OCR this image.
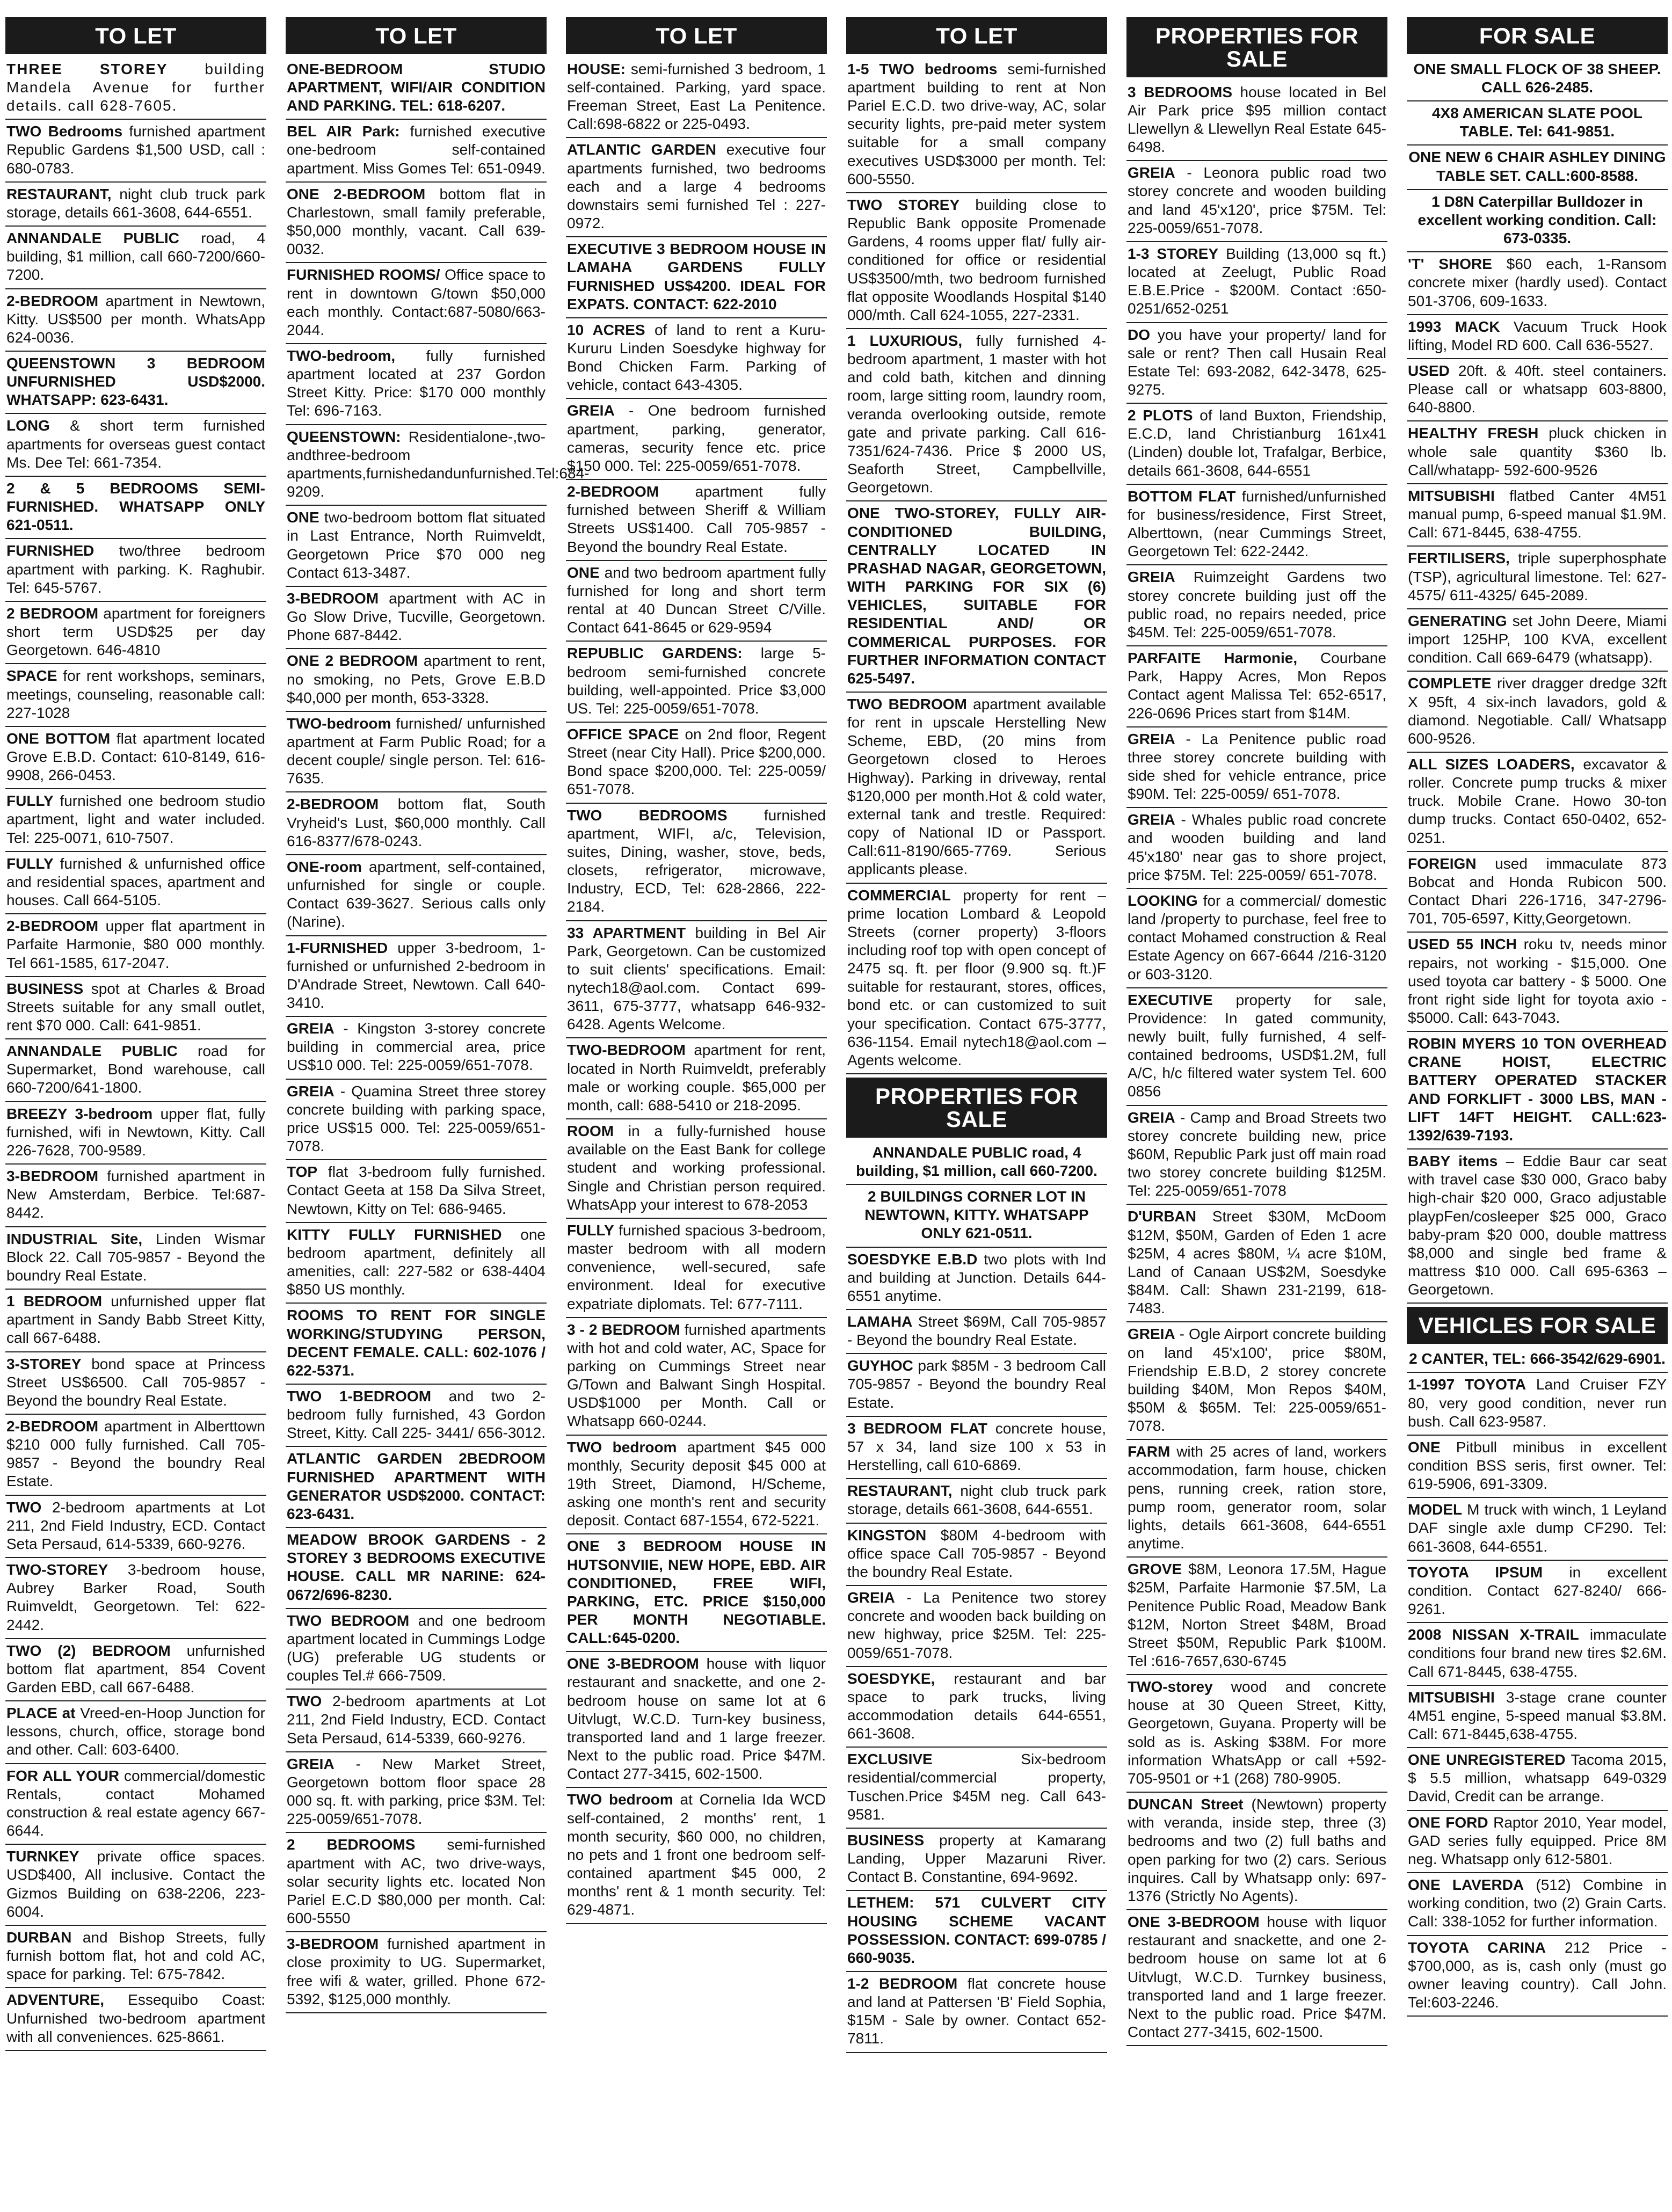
TO LET
THREE STOREY building Mandela Avenue for further details. call 628-7605.
TWO Bedrooms furnished apartment Republic Gardens $1,500 USD, call : 680-0783.
RESTAURANT, night club truck park storage, details 661-3608, 644-6551.
ANNANDALE PUBLIC road, 4 building, $1 million, call 660-7200/660-7200.
2-BEDROOM apartment in Newtown, Kitty. US$500 per month. WhatsApp 624-0036.
QUEENSTOWN 3 BEDROOM UNFURNISHED USD$2000. WHATSAPP: 623-6431.
LONG & short term furnished apartments for overseas guest contact Ms. Dee Tel: 661-7354.
2 & 5 BEDROOMS SEMI-FURNISHED. WHATSAPP ONLY 621-0511.
FURNISHED two/three bedroom apartment with parking. K. Raghubir. Tel: 645-5767.
2 BEDROOM apartment for foreigners short term USD$25 per day Georgetown. 646-4810
SPACE for rent workshops, seminars, meetings, counseling, reasonable call: 227-1028
ONE BOTTOM flat apartment located Grove E.B.D. Contact: 610-8149, 616-9908, 266-0453.
FULLY furnished one bedroom studio apartment, light and water included. Tel: 225-0071, 610-7507.
FULLY furnished & unfurnished office and residential spaces, apartment and houses. Call 664-5105.
2-BEDROOM upper flat apartment in Parfaite Harmonie, $80 000 monthly. Tel 661-1585, 617-2047.
BUSINESS spot at Charles & Broad Streets suitable for any small outlet, rent $70 000. Call: 641-9851.
ANNANDALE PUBLIC road for Supermarket, Bond warehouse, call 660-7200/641-1800.
BREEZY 3-bedroom upper flat, fully furnished, wifi in Newtown, Kitty. Call 226-7628, 700-9589.
3-BEDROOM furnished apartment in New Amsterdam, Berbice. Tel:687-8442.
INDUSTRIAL Site, Linden Wismar Block 22. Call 705-9857 - Beyond the boundry Real Estate.
1 BEDROOM unfurnished upper flat apartment in Sandy Babb Street Kitty, call 667-6488.
3-STOREY bond space at Princess Street US$6500. Call 705-9857 - Beyond the boundry Real Estate.
2-BEDROOM apartment in Alberttown $210 000 fully furnished. Call 705-9857 - Beyond the boundry Real Estate.
TWO 2-bedroom apartments at Lot 211, 2nd Field Industry, ECD. Contact Seta Persaud, 614-5339, 660-9276.
TWO-STOREY 3-bedroom house, Aubrey Barker Road, South Ruimveldt, Georgetown. Tel: 622-2442.
TWO (2) BEDROOM unfurnished bottom flat apartment, 854 Covent Garden EBD, call 667-6488.
PLACE at Vreed-en-Hoop Junction for lessons, church, office, storage bond and other. Call: 603-6400.
FOR ALL YOUR commercial/domestic Rentals, contact Mohamed construction & real estate agency 667-6644.
TURNKEY private office spaces. USD$400, All inclusive. Contact the Gizmos Building on 638-2206, 223-6004.
DURBAN and Bishop Streets, fully furnish bottom flat, hot and cold AC, space for parking. Tel: 675-7842.
ADVENTURE, Essequibo Coast: Unfurnished two-bedroom apartment with all conveniences. 625-8661.
TO LET
ONE-BEDROOM STUDIO APARTMENT, WIFI/AIR CONDITION AND PARKING. TEL: 618-6207.
BEL AIR Park: furnished executive one-bedroom self-contained apartment. Miss Gomes Tel: 651-0949.
ONE 2-BEDROOM bottom flat in Charlestown, small family preferable, $50,000 monthly, vacant. Call 639-0032.
FURNISHED ROOMS/ Office space to rent in downtown G/town $50,000 each monthly. Contact:687-5080/663-2044.
TWO-bedroom, fully furnished apartment located at 237 Gordon Street Kitty. Price: $170 000 monthly Tel: 696-7163.
QUEENSTOWN: Residentialone-,two-andthree-bedroom apartments,furnishedandunfurnished.Tel:684-9209.
ONE two-bedroom bottom flat situated in Last Entrance, North Ruimveldt, Georgetown Price $70 000 neg Contact 613-3487.
3-BEDROOM apartment with AC in Go Slow Drive, Tucville, Georgetown. Phone 687-8442.
ONE 2 BEDROOM apartment to rent, no smoking, no Pets, Grove E.B.D $40,000 per month, 653-3328.
TWO-bedroom furnished/ unfurnished apartment at Farm Public Road; for a decent couple/ single person. Tel: 616-7635.
2-BEDROOM bottom flat, South Vryheid's Lust, $60,000 monthly. Call 616-8377/678-0243.
ONE-room apartment, self-contained, unfurnished for single or couple. Contact 639-3627. Serious calls only (Narine).
1-FURNISHED upper 3-bedroom, 1-furnished or unfurnished 2-bedroom in D'Andrade Street, Newtown. Call 640-3410.
GREIA - Kingston 3-storey concrete building in commercial area, price US$10 000. Tel: 225-0059/651-7078.
GREIA - Quamina Street three storey concrete building with parking space, price US$15 000. Tel: 225-0059/651-7078.
TOP flat 3-bedroom fully furnished. Contact Geeta at 158 Da Silva Street, Newtown, Kitty on Tel: 686-9465.
KITTY FULLY FURNISHED one bedroom apartment, definitely all amenities, call: 227-582 or 638-4404 $850 US monthly.
ROOMS TO RENT FOR SINGLE WORKING/STUDYING PERSON, DECENT FEMALE. CALL: 602-1076 / 622-5371.
TWO 1-BEDROOM and two 2-bedroom fully furnished, 43 Gordon Street, Kitty. Call 225- 3441/ 656-3012.
ATLANTIC GARDEN 2BEDROOM FURNISHED APARTMENT WITH GENERATOR USD$2000. CONTACT: 623-6431.
MEADOW BROOK GARDENS - 2 STOREY 3 BEDROOMS EXECUTIVE HOUSE. CALL MR NARINE: 624-0672/696-8230.
TWO BEDROOM and one bedroom apartment located in Cummings Lodge (UG) preferable UG students or couples Tel.# 666-7509.
TWO 2-bedroom apartments at Lot 211, 2nd Field Industry, ECD. Contact Seta Persaud, 614-5339, 660-9276.
GREIA - New Market Street, Georgetown bottom floor space 28 000 sq. ft. with parking, price $3M. Tel: 225-0059/651-7078.
2 BEDROOMS semi-furnished apartment with AC, two drive-ways, solar security lights etc. located Non Pariel E.C.D $80,000 per month. Cal: 600-5550
3-BEDROOM furnished apartment in close proximity to UG. Supermarket, free wifi & water, grilled. Phone 672-5392, $125,000 monthly.
TO LET
HOUSE: semi-furnished 3 bedroom, 1 self-contained. Parking, yard space. Freeman Street, East La Penitence. Call:698-6822 or 225-0493.
ATLANTIC GARDEN executive four apartments furnished, two bedrooms each and a large 4 bedrooms downstairs semi furnished Tel : 227-0972.
EXECUTIVE 3 BEDROOM HOUSE IN LAMAHA GARDENS FULLY FURNISHED US$4200. IDEAL FOR EXPATS. CONTACT: 622-2010
10 ACRES of land to rent a Kuru-Kururu Linden Soesdyke highway for Bond Chicken Farm. Parking of vehicle, contact 643-4305.
GREIA - One bedroom furnished apartment, parking, generator, cameras, security fence etc. price $150 000. Tel: 225-0059/651-7078.
2-BEDROOM apartment fully furnished between Sheriff & William Streets US$1400. Call 705-9857 - Beyond the boundry Real Estate.
ONE and two bedroom apartment fully furnished for long and short term rental at 40 Duncan Street C/Ville. Contact 641-8645 or 629-9594
REPUBLIC GARDENS: large 5-bedroom semi-furnished concrete building, well-appointed. Price $3,000 US. Tel: 225-0059/651-7078.
OFFICE SPACE on 2nd floor, Regent Street (near City Hall). Price $200,000. Bond space $200,000. Tel: 225-0059/ 651-7078.
TWO BEDROOMS furnished apartment, WIFI, a/c, Television, suites, Dining, washer, stove, beds, closets, refrigerator, microwave, Industry, ECD, Tel: 628-2866, 222-2184.
33 APARTMENT building in Bel Air Park, Georgetown. Can be customized to suit clients' specifications. Email: nytech18@aol.com. Contact 699-3611, 675-3777, whatsapp 646-932-6428. Agents Welcome.
TWO-BEDROOM apartment for rent, located in North Ruimveldt, preferably male or working couple. $65,000 per month, call: 688-5410 or 218-2095.
ROOM in a fully-furnished house available on the East Bank for college student and working professional. Single and Christian person required. WhatsApp your interest to 678-2053
FULLY furnished spacious 3-bedroom, master bedroom with all modern convenience, well-secured, safe environment. Ideal for executive expatriate diplomats. Tel: 677-7111.
3 - 2 BEDROOM furnished apartments with hot and cold water, AC, Space for parking on Cummings Street near G/Town and Balwant Singh Hospital. USD$1000 per Month. Call or Whatsapp 660-0244.
TWO bedroom apartment $45 000 monthly, Security deposit $45 000 at 19th Street, Diamond, H/Scheme, asking one month's rent and security deposit. Contact 687-1554, 672-5221.
ONE 3 BEDROOM HOUSE IN HUTSONVIIE, NEW HOPE, EBD. AIR CONDITIONED, FREE WIFI, PARKING, ETC. PRICE $150,000 PER MONTH NEGOTIABLE. CALL:645-0200.
ONE 3-BEDROOM house with liquor restaurant and snackette, and one 2-bedroom house on same lot at 6 Uitvlugt, W.C.D. Turn-key business, transported land and 1 large freezer. Next to the public road. Price $47M. Contact 277-3415, 602-1500.
TWO bedroom at Cornelia Ida WCD self-contained, 2 months' rent, 1 month security, $60 000, no children, no pets and 1 front one bedroom self-contained apartment $45 000, 2 months' rent & 1 month security. Tel: 629-4871.
TO LET
1-5 TWO bedrooms semi-furnished apartment building to rent at Non Pariel E.C.D. two drive-way, AC, solar security lights, pre-paid meter system suitable for a small company executives USD$3000 per month. Tel: 600-5550.
TWO STOREY building close to Republic Bank opposite Promenade Gardens, 4 rooms upper flat/ fully air-conditioned for office or residential US$3500/mth, two bedroom furnished flat opposite Woodlands Hospital $140 000/mth. Call 624-1055, 227-2331.
1 LUXURIOUS, fully furnished 4-bedroom apartment, 1 master with hot and cold bath, kitchen and dinning room, large sitting room, laundry room, veranda overlooking outside, remote gate and private parking. Call 616-7351/624-7436. Price $ 2000 US, Seaforth Street, Campbellville, Georgetown.
ONE TWO-STOREY, FULLY AIR-CONDITIONED BUILDING, CENTRALLY LOCATED IN PRASHAD NAGAR, GEORGETOWN, WITH PARKING FOR SIX (6) VEHICLES, SUITABLE FOR RESIDENTIAL AND/ OR COMMERICAL PURPOSES. FOR FURTHER INFORMATION CONTACT 625-5497.
TWO BEDROOM apartment available for rent in upscale Herstelling New Scheme, EBD, (20 mins from Georgetown closed to Heroes Highway). Parking in driveway, rental $120,000 per month.Hot & cold water, external tank and trestle. Required: copy of National ID or Passport. Call:611-8190/665-7769. Serious applicants please.
COMMERCIAL property for rent – prime location Lombard & Leopold Streets (corner property) 3-floors including roof top with open concept of 2475 sq. ft. per floor (9.900 sq. ft.)F suitable for restaurant, stores, offices, bond etc. or can customized to suit your specification. Contact 675-3777, 636-1154. Email nytech18@aol.com – Agents welcome.
PROPERTIES FOR SALE
ANNANDALE PUBLIC road, 4 building, $1 million, call 660-7200.
2 BUILDINGS CORNER LOT IN NEWTOWN, KITTY. WHATSAPP ONLY 621-0511.
SOESDYKE E.B.D two plots with Ind and building at Junction. Details 644-6551 anytime.
LAMAHA Street $69M, Call 705-9857 - Beyond the boundry Real Estate.
GUYHOC park $85M - 3 bedroom Call 705-9857 - Beyond the boundry Real Estate.
3 BEDROOM FLAT concrete house, 57 x 34, land size 100 x 53 in Herstelling, call 610-6869.
RESTAURANT, night club truck park storage, details 661-3608, 644-6551.
KINGSTON $80M 4-bedroom with office space Call 705-9857 - Beyond the boundry Real Estate.
GREIA - La Penitence two storey concrete and wooden back building on new highway, price $25M. Tel: 225-0059/651-7078.
SOESDYKE, restaurant and bar space to park trucks, living accommodation details 644-6551, 661-3608.
EXCLUSIVE Six-bedroom residential/commercial property, Tuschen.Price $45M neg. Call 643-9581.
BUSINESS property at Kamarang Landing, Upper Mazaruni River. Contact B. Constantine, 694-9692.
LETHEM: 571 CULVERT CITY HOUSING SCHEME VACANT POSSESSION. CONTACT: 699-0785 / 660-9035.
1-2 BEDROOM flat concrete house and land at Pattersen 'B' Field Sophia, $15M - Sale by owner. Contact 652-7811.
PROPERTIES FOR SALE
3 BEDROOMS house located in Bel Air Park price $95 million contact Llewellyn & Llewellyn Real Estate 645-6498.
GREIA - Leonora public road two storey concrete and wooden building and land 45'x120', price $75M. Tel: 225-0059/651-7078.
1-3 STOREY Building (13,000 sq ft.) located at Zeelugt, Public Road E.B.E.Price - $200M. Contact :650-0251/652-0251
DO you have your property/ land for sale or rent? Then call Husain Real Estate Tel: 693-2082, 642-3478, 625-9275.
2 PLOTS of land Buxton, Friendship, E.C.D, land Christianburg 161x41 (Linden) double lot, Trafalgar, Berbice, details 661-3608, 644-6551
BOTTOM FLAT furnished/unfurnished for business/residence, First Street, Alberttown, (near Cummings Street, Georgetown Tel: 622-2442.
GREIA Ruimzeight Gardens two storey concrete building just off the public road, no repairs needed, price $45M. Tel: 225-0059/651-7078.
PARFAITE Harmonie, Courbane Park, Happy Acres, Mon Repos Contact agent Malissa Tel: 652-6517, 226-0696 Prices start from $14M.
GREIA - La Penitence public road three storey concrete building with side shed for vehicle entrance, price $90M. Tel: 225-0059/ 651-7078.
GREIA - Whales public road concrete and wooden building and land 45'x180' near gas to shore project, price $75M. Tel: 225-0059/ 651-7078.
LOOKING for a commercial/ domestic land /property to purchase, feel free to contact Mohamed construction & Real Estate Agency on 667-6644 /216-3120 or 603-3120.
EXECUTIVE property for sale, Providence: In gated community, newly built, fully furnished, 4 self-contained bedrooms, USD$1.2M, full A/C, h/c filtered water system Tel. 600 0856
GREIA - Camp and Broad Streets two storey concrete building new, price $60M, Republic Park just off main road two storey concrete building $125M. Tel: 225-0059/651-7078
D'URBAN Street $30M, McDoom $12M, $50M, Garden of Eden 1 acre $25M, 4 acres $80M, ¼ acre $10M, Land of Canaan US$2M, Soesdyke $84M. Call: Shawn 231-2199, 618-7483.
GREIA - Ogle Airport concrete building on land 45'x100', price $80M, Friendship E.B.D, 2 storey concrete building $40M, Mon Repos $40M, $50M & $65M. Tel: 225-0059/651-7078.
FARM with 25 acres of land, workers accommodation, farm house, chicken pens, running creek, ration store, pump room, generator room, solar lights, details 661-3608, 644-6551 anytime.
GROVE $8M, Leonora 17.5M, Hague $25M, Parfaite Harmonie $7.5M, La Penitence Public Road, Meadow Bank $12M, Norton Street $48M, Broad Street $50M, Republic Park $100M. Tel :616-7657,630-6745
TWO-storey wood and concrete house at 30 Queen Street, Kitty, Georgetown, Guyana. Property will be sold as is. Asking $38M. For more information WhatsApp or call +592-705-9501 or +1 (268) 780-9905.
DUNCAN Street (Newtown) property with veranda, inside step, three (3) bedrooms and two (2) full baths and open parking for two (2) cars. Serious inquires. Call by Whatsapp only: 697-1376 (Strictly No Agents).
ONE 3-BEDROOM house with liquor restaurant and snackette, and one 2-bedroom house on same lot at 6 Uitvlugt, W.C.D. Turnkey business, transported land and 1 large freezer. Next to the public road. Price $47M. Contact 277-3415, 602-1500.
FOR SALE
ONE SMALL FLOCK OF 38 SHEEP. CALL 626-2485.
4X8 AMERICAN SLATE POOL TABLE. Tel: 641-9851.
ONE NEW 6 CHAIR ASHLEY DINING TABLE SET. CALL:600-8588.
1 D8N Caterpillar Bulldozer in excellent working condition. Call: 673-0335.
'T' SHORE $60 each, 1-Ransom concrete mixer (hardly used). Contact 501-3706, 609-1633.
1993 MACK Vacuum Truck Hook lifting, Model RD 600. Call 636-5527.
USED 20ft. & 40ft. steel containers. Please call or whatsapp 603-8800, 640-8800.
HEALTHY FRESH pluck chicken in whole sale quantity $360 lb. Call/whatapp- 592-600-9526
MITSUBISHI flatbed Canter 4M51 manual pump, 6-speed manual $1.9M. Call: 671-8445, 638-4755.
FERTILISERS, triple superphosphate (TSP), agricultural limestone. Tel: 627-4575/ 611-4325/ 645-2089.
GENERATING set John Deere, Miami import 125HP, 100 KVA, excellent condition. Call 669-6479 (whatsapp).
COMPLETE river dragger dredge 32ft X 95ft, 4 six-inch lavadors, gold & diamond. Negotiable. Call/ Whatsapp 600-9526.
ALL SIZES LOADERS, excavator & roller. Concrete pump trucks & mixer truck. Mobile Crane. Howo 30-ton dump trucks. Contact 650-0402, 652-0251.
FOREIGN used immaculate 873 Bobcat and Honda Rubicon 500. Contact Dhari 226-1716, 347-2796-701, 705-6597, Kitty,Georgetown.
USED 55 INCH roku tv, needs minor repairs, not working - $15,000. One used toyota car battery - $ 5000. One front right side light for toyota axio - $5000. Call: 643-7043.
ROBIN MYERS 10 TON OVERHEAD CRANE HOIST, ELECTRIC BATTERY OPERATED STACKER AND FORKLIFT - 3000 LBS, MAN -LIFT 14FT HEIGHT. CALL:623-1392/639-7193.
BABY items – Eddie Baur car seat with travel case $30 000, Graco baby high-chair $20 000, Graco adjustable playpFen/cosleeper $25 000, Graco baby-pram $20 000, double mattress $8,000 and single bed frame & mattress $10 000. Call 695-6363 – Georgetown.
VEHICLES FOR SALE
2 CANTER, TEL: 666-3542/629-6901.
1-1997 TOYOTA Land Cruiser FZY 80, very good condition, never run bush. Call 623-9587.
ONE Pitbull minibus in excellent condition BSS seris, first owner. Tel: 619-5906, 691-3309.
MODEL M truck with winch, 1 Leyland DAF single axle dump CF290. Tel: 661-3608, 644-6551.
TOYOTA IPSUM in excellent condition. Contact 627-8240/ 666-9261.
2008 NISSAN X-TRAIL immaculate conditions four brand new tires $2.6M. Call 671-8445, 638-4755.
MITSUBISHI 3-stage crane counter 4M51 engine, 5-speed manual $3.8M. Call: 671-8445,638-4755.
ONE UNREGISTERED Tacoma 2015, $ 5.5 million, whatsapp 649-0329 David, Credit can be arrange.
ONE FORD Raptor 2010, Year model, GAD series fully equipped. Price 8M neg. Whatsapp only 612-5801.
ONE LAVERDA (512) Combine in working condition, two (2) Grain Carts. Call: 338-1052 for further information.
TOYOTA CARINA 212 Price - $700,000, as is, cash only (must go owner leaving country). Call John. Tel:603-2246.
